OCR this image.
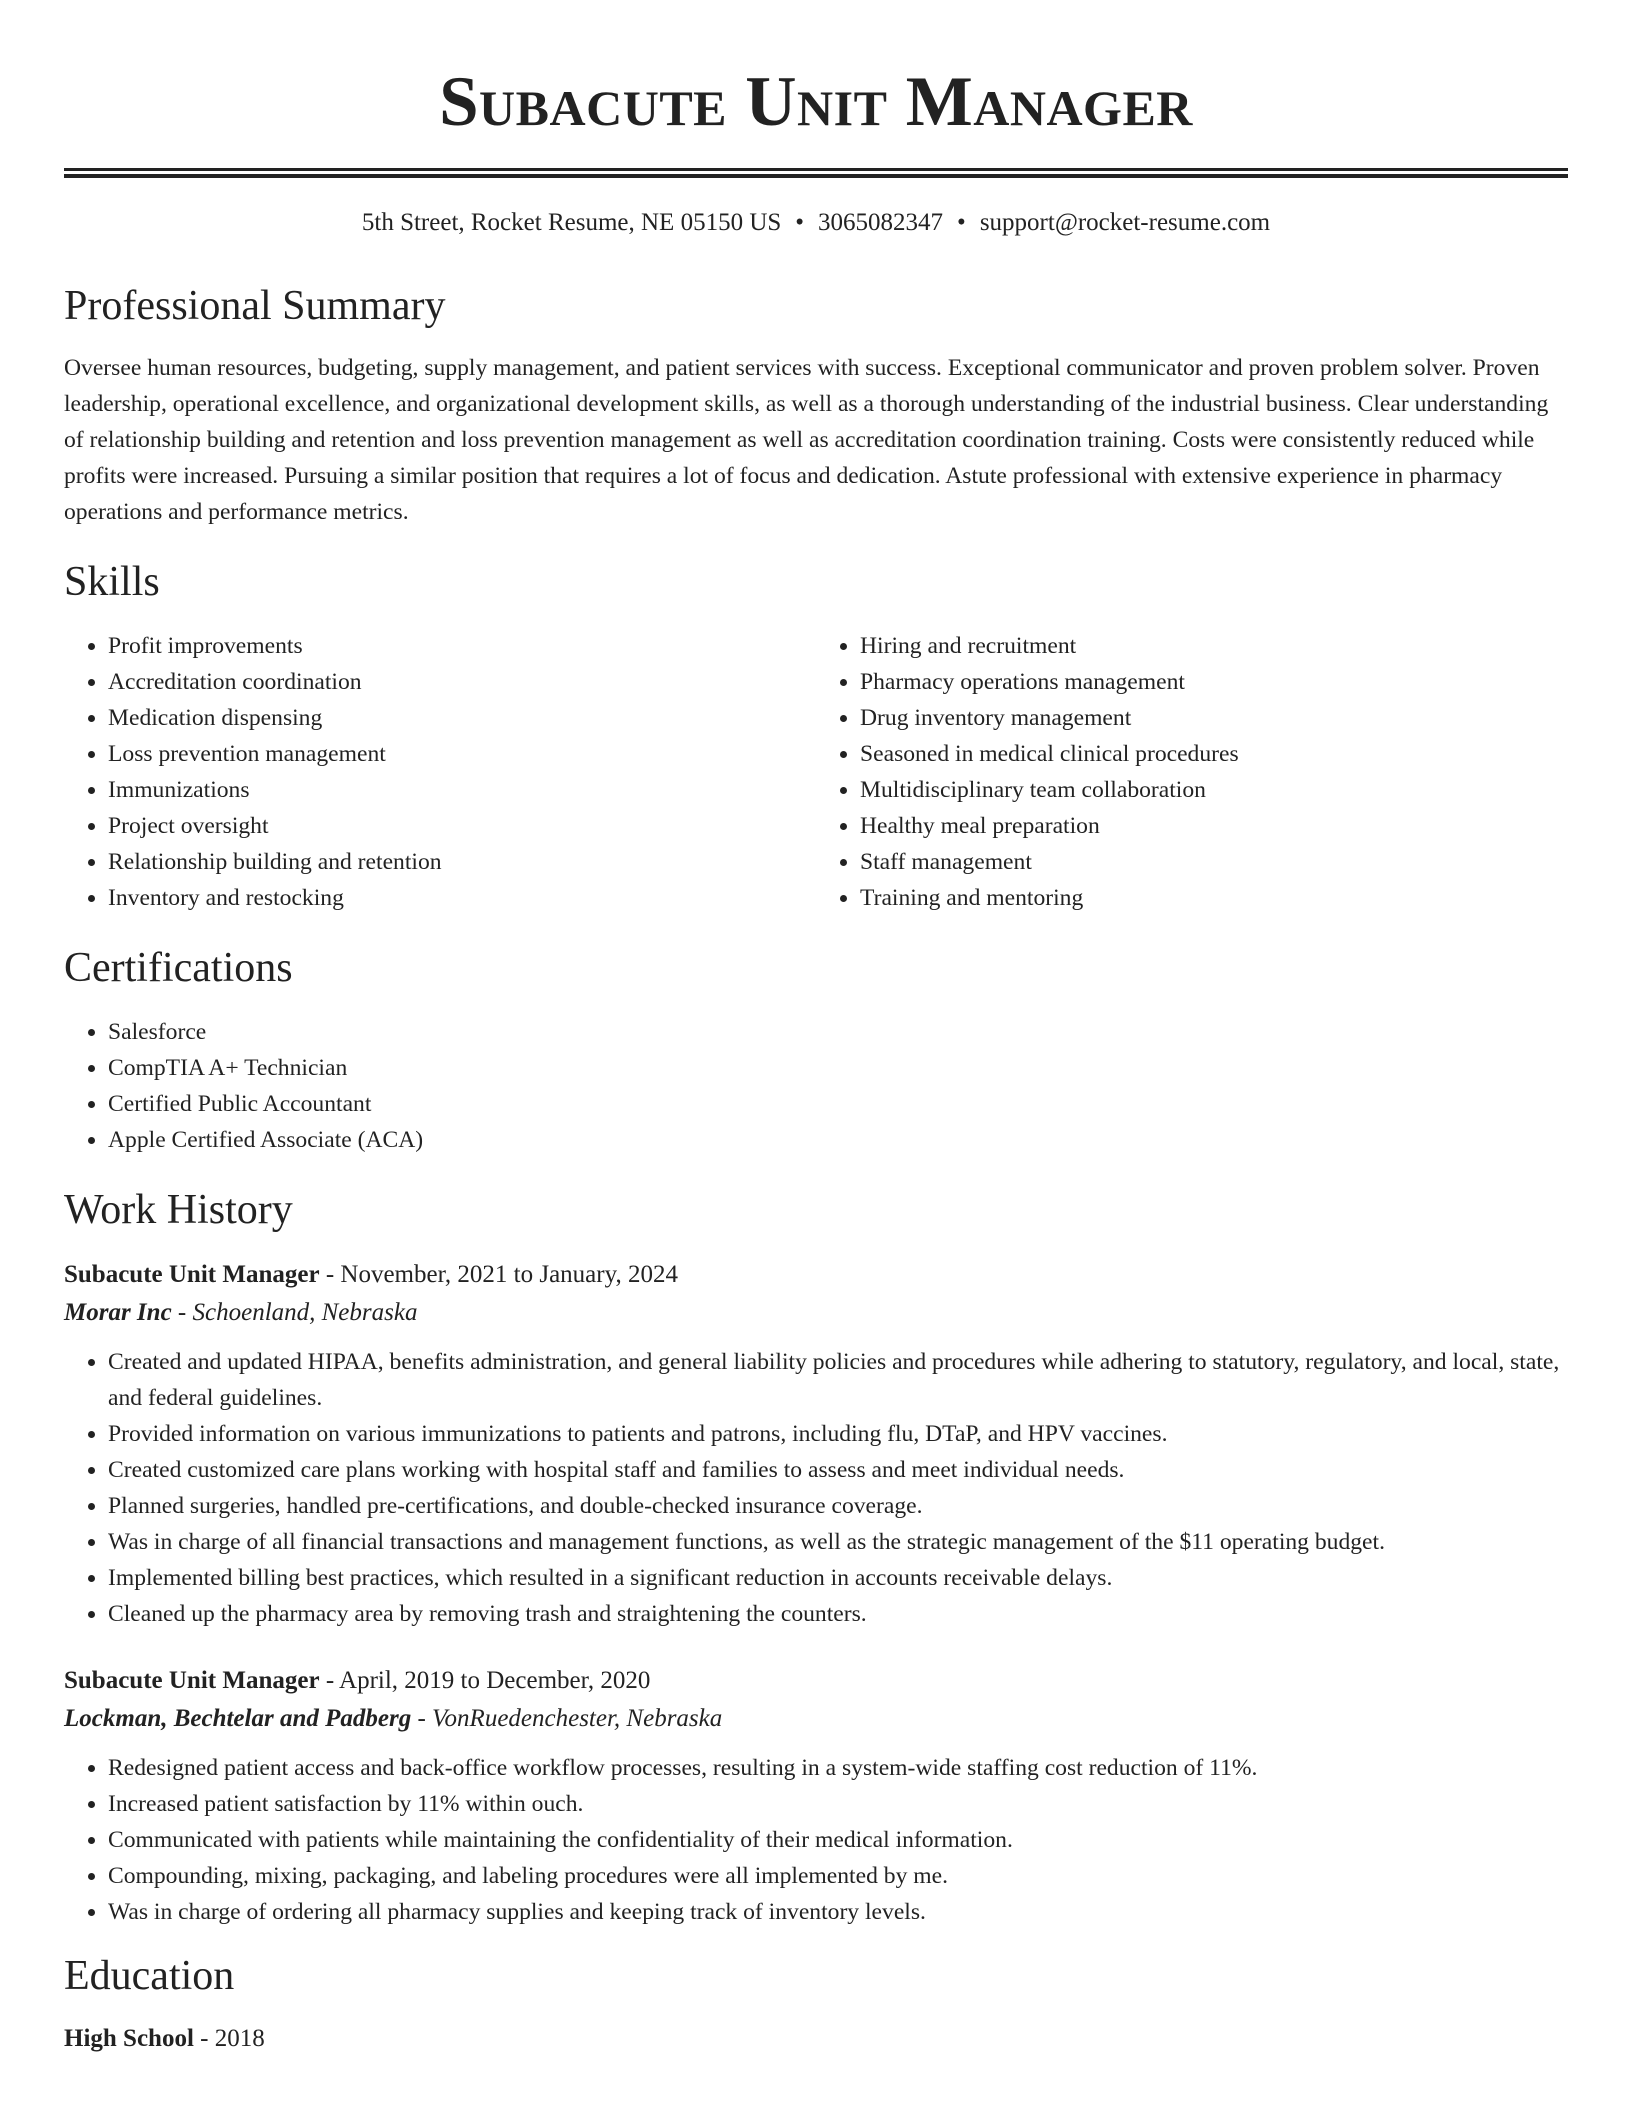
Subacute Unit Manager
5th Street, Rocket Resume, NE 05150 US • 3065082347 • support@rocket-resume.com
Professional Summary

Oversee human resources, budgeting, supply management, and patient services with success. Exceptional communicator and proven problem solver. Proven leadership, operational excellence, and organizational development skills, as well as a thorough understanding of the industrial business. Clear understanding of relationship building and retention and loss prevention management as well as accreditation coordination training. Costs were consistently reduced while profits were increased. Pursuing a similar position that requires a lot of focus and dedication. Astute professional with extensive experience in pharmacy operations and performance metrics.

Skills
• Profit improvements
• Accreditation coordination
• Medication dispensing
• Loss prevention management
• Immunizations
• Project oversight
• Relationship building and retention
• Inventory and restocking
• Hiring and recruitment
• Pharmacy operations management
• Drug inventory management
• Seasoned in medical clinical procedures
• Multidisciplinary team collaboration
• Healthy meal preparation
• Staff management
• Training and mentoring
Certifications
• Salesforce
• CompTIA A+ Technician
• Certified Public Accountant
• Apple Certified Associate (ACA)
Work History
Subacute Unit Manager - November, 2021 to January, 2024
Morar Inc - Schoenland, Nebraska
• Created and updated HIPAA, benefits administration, and general liability policies and procedures while adhering to statutory, regulatory, and local, state, and federal guidelines.
• Provided information on various immunizations to patients and patrons, including flu, DTaP, and HPV vaccines.
• Created customized care plans working with hospital staff and families to assess and meet individual needs.
• Planned surgeries, handled pre-certifications, and double-checked insurance coverage.
• Was in charge of all financial transactions and management functions, as well as the strategic management of the $11 operating budget.
• Implemented billing best practices, which resulted in a significant reduction in accounts receivable delays.
• Cleaned up the pharmacy area by removing trash and straightening the counters.
Subacute Unit Manager - April, 2019 to December, 2020
Lockman, Bechtelar and Padberg - VonRuedenchester, Nebraska
• Redesigned patient access and back-office workflow processes, resulting in a system-wide staffing cost reduction of 11%.
• Increased patient satisfaction by 11% within ouch.
• Communicated with patients while maintaining the confidentiality of their medical information.
• Compounding, mixing, packaging, and labeling procedures were all implemented by me.
• Was in charge of ordering all pharmacy supplies and keeping track of inventory levels.
Education
High School - 2018
